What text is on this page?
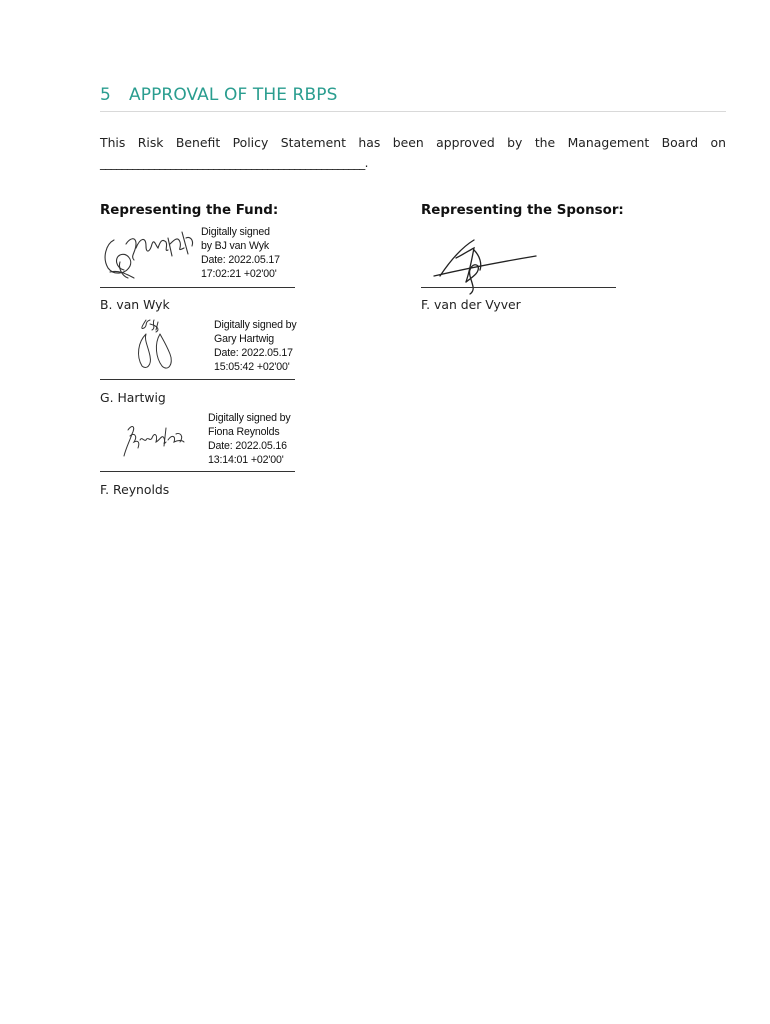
5 APPROVAL OF THE RBPS
This Risk Benefit Policy Statement has been approved by the Management Board on
_________________________________________________.
Representing the Fund:
Digitally signed
by BJ van Wyk
Date: 2022.05.17
17:02:21 +02'00'
B. van Wyk
Digitally signed by
Gary Hartwig
Date: 2022.05.17
15:05:42 +02'00'
G. Hartwig
Digitally signed by
Fiona Reynolds
Date: 2022.05.16
13:14:01 +02'00'
F. Reynolds
Representing the Sponsor:
F. van der Vyver
